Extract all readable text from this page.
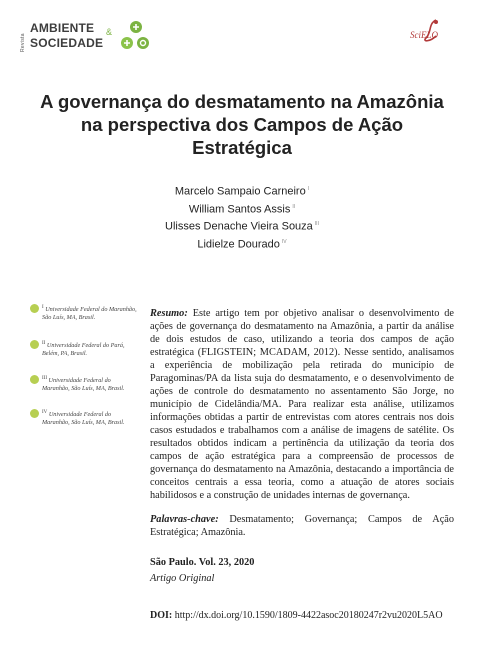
Revista
AMBIENTE &
SOCIEDADE
SciELO
A governança do desmatamento na Amazônia na perspectiva dos Campos de Ação Estratégica
Marcelo Sampaio Carneiro $^I$
William Santos Assis $^{II}$
Ulisses Denache Vieira Souza $^{III}$
Lidielze Dourado $^{IV}$
$^I$ Universidade Federal do Maranhão, São Luís, MA, Brasil.
$^{II}$ Universidade Federal do Pará, Belém, PA, Brasil.
$^{III}$ Universidade Federal do Maranhão, São Luís, MA, Brasil.
$^{IV}$ Universidade Federal do Maranhão, São Luís, MA, Brasil.

Resumo: Este artigo tem por objetivo analisar o desenvolvimento de ações de governança do desmatamento na Amazônia, a partir da análise de dois estudos de caso, utilizando a teoria dos campos de ação estratégica (FLIGSTEIN; MCADAM, 2012). Nesse sentido, analisamos a experiência de mobilização pela retirada do município de Paragominas/PA da lista suja do desmatamento, e o desenvolvimento de ações de controle do desmatamento no assentamento São Jorge, no município de Cidelândia/MA. Para realizar esta análise, utilizamos informações obtidas a partir de entrevistas com atores centrais nos dois casos estudados e trabalhamos com a análise de imagens de satélite. Os resultados obtidos indicam a pertinência da utilização da teoria dos campos de ação estratégica para a compreensão de processos de governança do desmatamento na Amazônia, destacando a importância de conceitos centrais a essa teoria, como a atuação de atores sociais habilidosos e a construção de unidades internas de governança.

Palavras-chave: Desmatamento; Governança; Campos de Ação Estratégica; Amazônia.

São Paulo. Vol. 23, 2020
Artigo Original
DOI: http://dx.doi.org/10.1590/1809-4422asoc20180247r2vu2020L5AO
